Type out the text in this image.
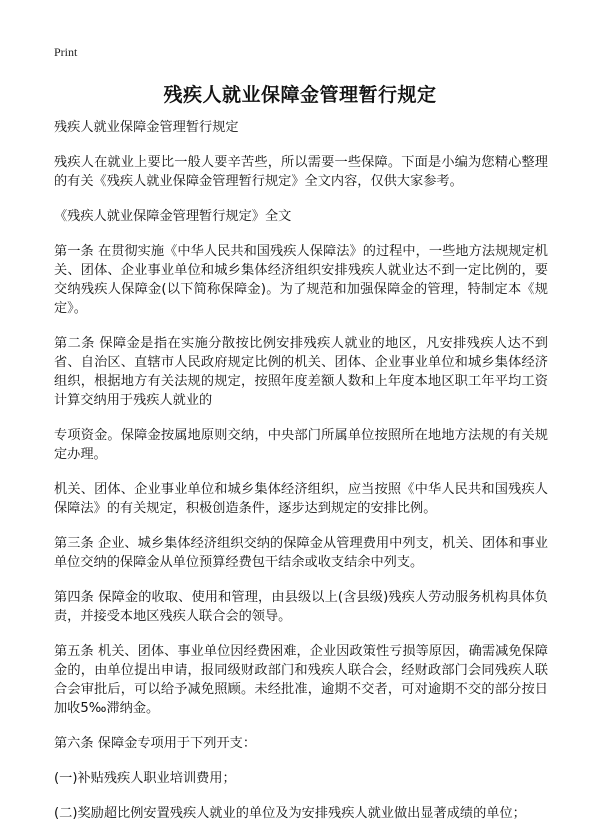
Print
残疾人就业保障金管理暂行规定

残疾人就业保障金管理暂行规定

残疾人在就业上要比一般人要辛苦些，所以需要一些保障。下面是小编为您精心整理的有关《残疾人就业保障金管理暂行规定》全文内容，仅供大家参考。

《残疾人就业保障金管理暂行规定》全文

第一条 在贯彻实施《中华人民共和国残疾人保障法》的过程中，一些地方法规规定机关、团体、企业事业单位和城乡集体经济组织安排残疾人就业达不到一定比例的，要交纳残疾人保障金(以下简称保障金)。为了规范和加强保障金的管理，特制定本《规定》。

第二条 保障金是指在实施分散按比例安排残疾人就业的地区，凡安排残疾人达不到省、自治区、直辖市人民政府规定比例的机关、团体、企业事业单位和城乡集体经济组织，根据地方有关法规的规定，按照年度差额人数和上年度本地区职工年平均工资计算交纳用于残疾人就业的

专项资金。保障金按属地原则交纳，中央部门所属单位按照所在地地方法规的有关规定办理。

机关、团体、企业事业单位和城乡集体经济组织，应当按照《中华人民共和国残疾人保障法》的有关规定，积极创造条件，逐步达到规定的安排比例。

第三条 企业、城乡集体经济组织交纳的保障金从管理费用中列支，机关、团体和事业单位交纳的保障金从单位预算经费包干结余或收支结余中列支。

第四条 保障金的收取、使用和管理，由县级以上(含县级)残疾人劳动服务机构具体负责，并接受本地区残疾人联合会的领导。

第五条 机关、团体、事业单位因经费困难，企业因政策性亏损等原因，确需减免保障金的，由单位提出申请，报同级财政部门和残疾人联合会，经财政部门会同残疾人联合会审批后，可以给予减免照顾。未经批准，逾期不交者，可对逾期不交的部分按日加收5‰滞纳金。

第六条 保障金专项用于下列开支：

(一)补贴残疾人职业培训费用；

(二)奖励超比例安置残疾人就业的单位及为安排残疾人就业做出显著成绩的单位；
